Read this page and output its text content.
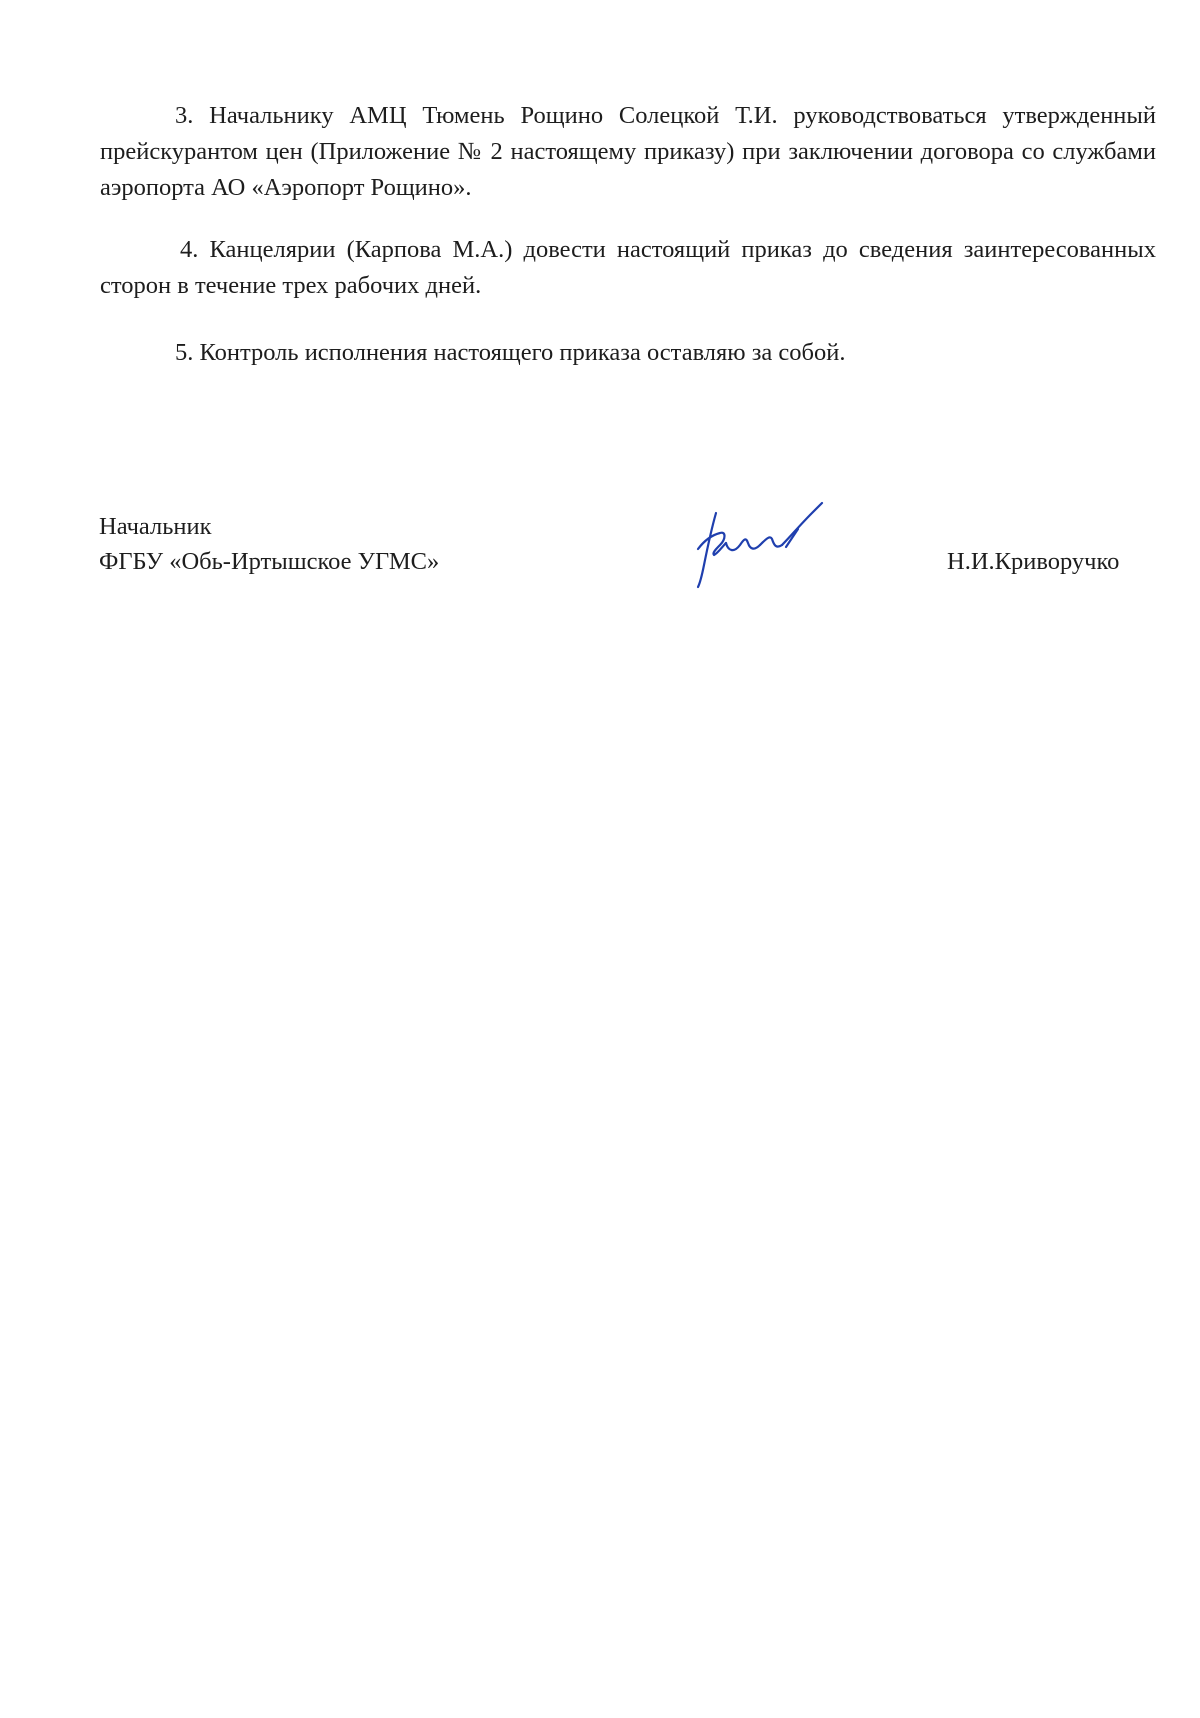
3. Начальнику АМЦ Тюмень Рощино Солецкой Т.И. руководствоваться утвержденный прейскурантом цен (Приложение № 2 настоящему приказу) при заключении договора со службами аэропорта АО «Аэропорт Рощино».

4. Канцелярии (Карпова М.А.) довести настоящий приказ до сведения заинтересованных сторон в течение трех рабочих дней.

5. Контроль исполнения настоящего приказа оставляю за собой.

Начальник
ФГБУ «Обь-Иртышское УГМС»	Н.И.Криворучко
